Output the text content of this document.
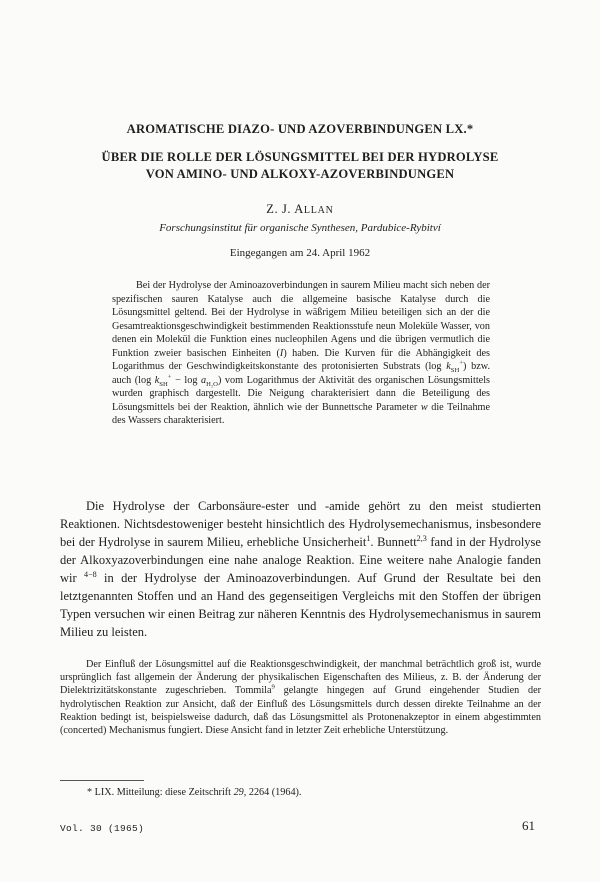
AROMATISCHE DIAZO- UND AZOVERBINDUNGEN LX.*
ÜBER DIE ROLLE DER LÖSUNGSMITTEL BEI DER HYDROLYSE
VON AMINO- UND ALKOXY-AZOVERBINDUNGEN
Z. J. ALLAN
Forschungsinstitut für organische Synthesen, Pardubice-Rybitví
Eingegangen am 24. April 1962

Bei der Hydrolyse der Aminoazoverbindungen in saurem Milieu macht sich neben der spezifischen sauren Katalyse auch die allgemeine basische Katalyse durch die Lösungsmittel geltend. Bei der Hydrolyse in wäßrigem Milieu beteiligen sich an der die Gesamtreaktionsgeschwindigkeit bestimmenden Reaktionsstufe neun Moleküle Wasser, von denen ein Molekül die Funktion eines nucleophilen Agens und die übrigen vermutlich die Funktion zweier basischen Einheiten (I) haben. Die Kurven für die Abhängigkeit des Logarithmus der Geschwindigkeitskonstante des protonisierten Substrats (log $k_{SH}^+$) bzw. auch (log $k_{SH}^+ - \log a_{H_2O}$) vom Logarithmus der Aktivität des organischen Lösungsmittels wurden graphisch dargestellt. Die Neigung charakterisiert dann die Beteiligung des Lösungsmittels bei der Reaktion, ähnlich wie der Bunnettsche Parameter w die Teilnahme des Wassers charakterisiert.

Die Hydrolyse der Carbonsäure-ester und -amide gehört zu den meist studierten Reaktionen. Nichtsdestoweniger besteht hinsichtlich des Hydrolysemechanismus, insbesondere bei der Hydrolyse in saurem Milieu, erhebliche Unsicherheit$^1$. Bunnett$^{2,3}$ fand in der Hydrolyse der Alkoxyazoverbindungen eine nahe analoge Reaktion. Eine weitere nahe Analogie fanden wir $^{4-8}$ in der Hydrolyse der Aminoazoverbindungen. Auf Grund der Resultate bei den letztgenannten Stoffen und an Hand des gegenseitigen Vergleichs mit den Stoffen der übrigen Typen versuchen wir einen Beitrag zur näheren Kenntnis des Hydrolysemechanismus in saurem Milieu zu leisten.

Der Einfluß der Lösungsmittel auf die Reaktionsgeschwindigkeit, der manchmal beträchtlich groß ist, wurde ursprünglich fast allgemein der Änderung der physikalischen Eigenschaften des Milieus, z. B. der Änderung der Dielektrizitätskonstante zugeschrieben. Tommila$^9$ gelangte hingegen auf Grund eingehender Studien der hydrolytischen Reaktion zur Ansicht, daß der Einfluß des Lösungsmittels durch dessen direkte Teilnahme an der Reaktion bedingt ist, beispielsweise dadurch, daß das Lösungsmittel als Protonenakzeptor in einem abgestimmten (concerted) Mechanismus fungiert. Diese Ansicht fand in letzter Zeit erhebliche Unterstützung.

* LIX. Mitteilung: diese Zeitschrift 29, 2264 (1964).
Vol. 30 (1965)	61
